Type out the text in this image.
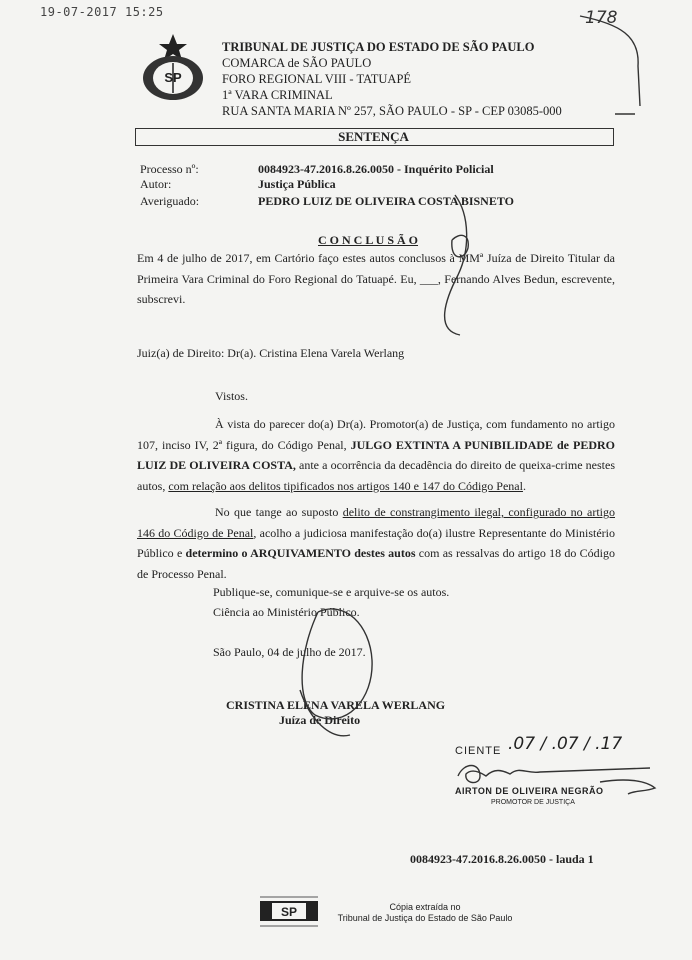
19-07-2017 15:25	178
SP
TRIBUNAL DE JUSTIÇA DO ESTADO DE SÃO PAULO
COMARCA de SÃO PAULO
FORO REGIONAL VIII - TATUAPÉ
1ª VARA CRIMINAL
RUA SANTA MARIA Nº 257, SÃO PAULO - SP - CEP 03085-000
SENTENÇA
Processo nº:	0084923-47.2016.8.26.0050 - Inquérito Policial
Autor:	Justiça Pública
Averiguado:	PEDRO LUIZ DE OLIVEIRA COSTA BISNETO
C O N C L U S Ã O
Em 4 de julho de 2017, em Cartório faço estes autos conclusos à MMª Juíza de Direito Titular da Primeira Vara Criminal do Foro Regional do Tatuapé. Eu, ___, Fernando Alves Bedun, escrevente, subscrevi.
Juiz(a) de Direito: Dr(a). Cristina Elena Varela Werlang
Vistos.
À vista do parecer do(a) Dr(a). Promotor(a) de Justiça, com fundamento no artigo 107, inciso IV, 2ª figura, do Código Penal, JULGO EXTINTA A PUNIBILIDADE de PEDRO LUIZ DE OLIVEIRA COSTA, ante a ocorrência da decadência do direito de queixa-crime nestes autos, com relação aos delitos tipificados nos artigos 140 e 147 do Código Penal.
No que tange ao suposto delito de constrangimento ilegal, configurado no artigo 146 do Código de Penal, acolho a judiciosa manifestação do(a) ilustre Representante do Ministério Público e determino o ARQUIVAMENTO destes autos com as ressalvas do artigo 18 do Código de Processo Penal.
Publique-se, comunique-se e arquive-se os autos.
Ciência ao Ministério Público.
São Paulo, 04 de julho de 2017.
CRISTINA ELENA VARELA WERLANG
Juíza de Direito
CIENTE .07 / .07 / .17
AIRTON DE OLIVEIRA NEGRÃO
PROMOTOR DE JUSTIÇA
0084923-47.2016.8.26.0050 - lauda 1
SP	Cópia extraída no
Tribunal de Justiça do Estado de São Paulo
